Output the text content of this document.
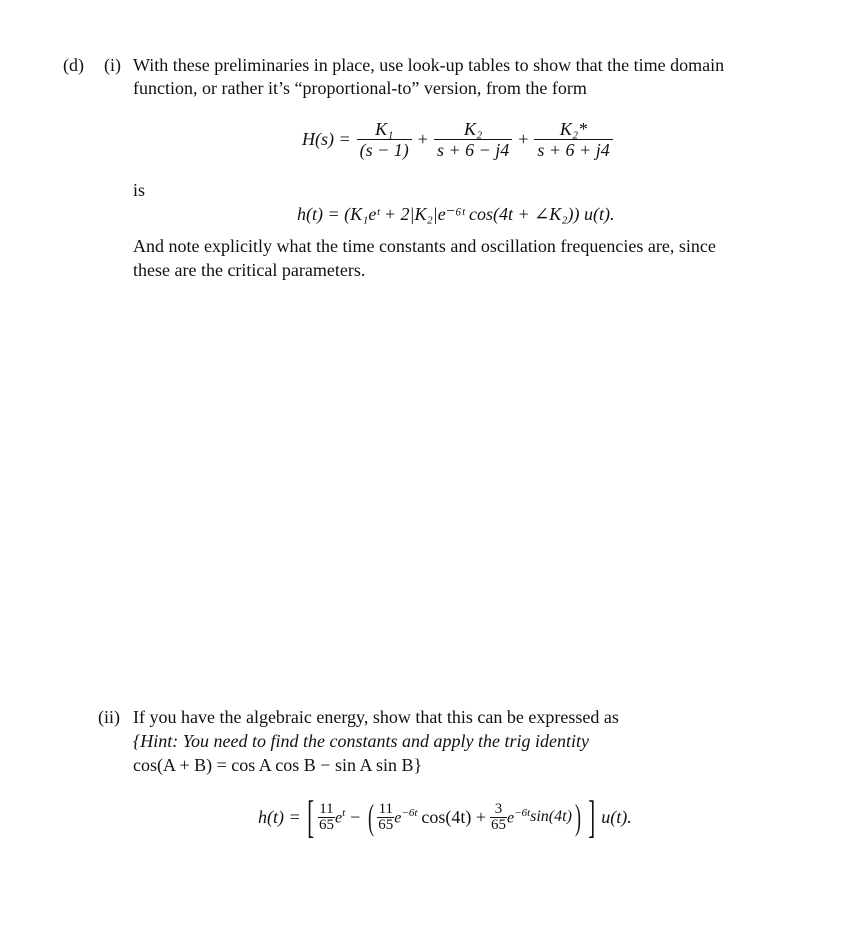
(d) (i) With these preliminaries in place, use look-up tables to show that the time domain
function, or rather it’s “proportional-to” version, from the form
$H(s) = \frac{\text{K₁}}{(s - 1)} + \frac{\text{K₂}}{s + 6 - j4} + \frac{\text{K₂*}}{s + 6 + j4}$
is
h(t) = (K₁eᵗ + 2|K₂|e⁻⁶ᵗ cos(4t + ∠K₂)) u(t).
And note explicitly what the time constants and oscillation frequencies are, since
these are the critical parameters.
(ii) If you have the algebraic energy, show that this can be expressed as
{Hint: You need to find the constants and apply the trig identity
cos(A + B) = cos A cos B − sin A sin B}
h(t) = [ $\frac{11}{65} e^t$ − ( $\frac{11}{65} e^{-6t}$ $\cos(4t) + \frac{3}{65} e^{-6t}$ sin(4t) ) ] u(t).
